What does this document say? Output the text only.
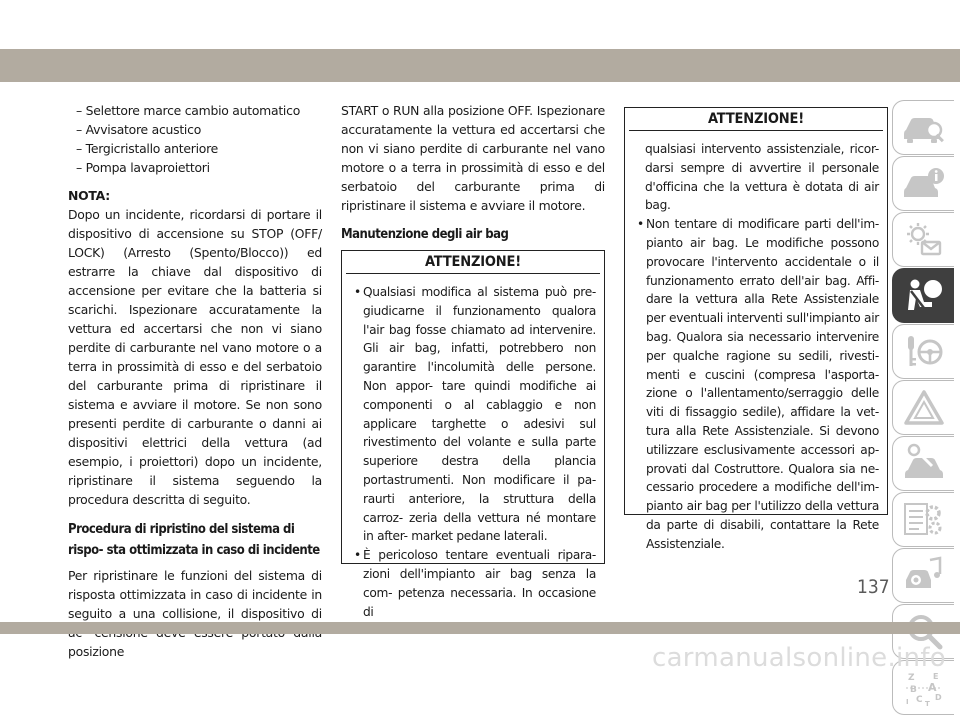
– Selettore marce cambio automatico
– Avvisatore acustico
– Tergicristallo anteriore
– Pompa lavaproiettori
NOTA:

Dopo un incidente, ricordarsi di portare il dispositivo di accensione su STOP (OFF/ LOCK) (Arresto (Spento/Blocco)) ed estrarre la chiave dal dispositivo di accensione per evitare che la batteria si scarichi. Ispezionare accuratamente la vettura ed accertarsi che non vi siano perdite di carburante nel vano motore o a terra in prossimità di esso e del serbatoio del carburante prima di ripristinare il sistema e avviare il motore. Se non sono presenti perdite di carburante o danni ai dispositivi elettrici della vettura (ad esempio, i proiettori) dopo un incidente, ripristinare il sistema seguendo la procedura descritta di seguito.

Procedura di ripristino del sistema di rispo- sta ottimizzata in caso di incidente

Per ripristinare le funzioni del sistema di risposta ottimizzata in caso di incidente in seguito a una collisione, il dispositivo di posizione

START o RUN alla posizione OFF. Ispezionare accuratamente la vettura ed accertarsi che non vi siano perdite di carburante nel vano motore o a terra in prossimità di esso e del serbatoio del carburante prima di ripristinare il sistema e avviare il motore.

Manutenzione degli air bag
ATTENZIONE!
• Qualsiasi modifica al sistema può pre- giudicarne il funzionamento qualora l'air bag fosse chiamato ad intervenire. Gli air bag, infatti, potrebbero non garantire l'incolumità delle persone. Non appor- tare quindi modifiche ai componenti o al cablaggio e non applicare targhette o adesivi sul rivestimento del volante e sulla parte superiore destra della plancia portastrumenti. Non modificare il pa- raurti anteriore, la struttura della carroz- zeria della vettura né montare in after- market pedane laterali.
• È pericoloso tentare eventuali ripara- zioni dell'impianto air bag senza la com- petenza necessaria. In occasione di
ATTENZIONE!
qualsiasi intervento assistenziale, ricor- darsi sempre di avvertire il personale d'officina che la vettura è dotata di air bag.
• Non tentare di modificare parti dell'im- pianto air bag. Le modifiche possono provocare l'intervento accidentale o il funzionamento errato dell'air bag. Affi- dare la vettura alla Rete Assistenziale per eventuali interventi sull'impianto air bag. Qualora sia necessario intervenire per qualche ragione su sedili, rivesti- menti e cuscini (compresa l'asporta- zione o l'allentamento/serraggio delle viti di fissaggio sedile), affidare la vet- tura alla Rete Assistenziale. Si devono utilizzare esclusivamente accessori ap- provati dal Costruttore. Qualora sia ne- cessario procedere a modifiche dell'im- pianto air bag per l'utilizzo della vettura da parte di disabili, contattare la Rete Assistenziale.
Z E
B A
C D
I T
137
carmanualsonline.info
